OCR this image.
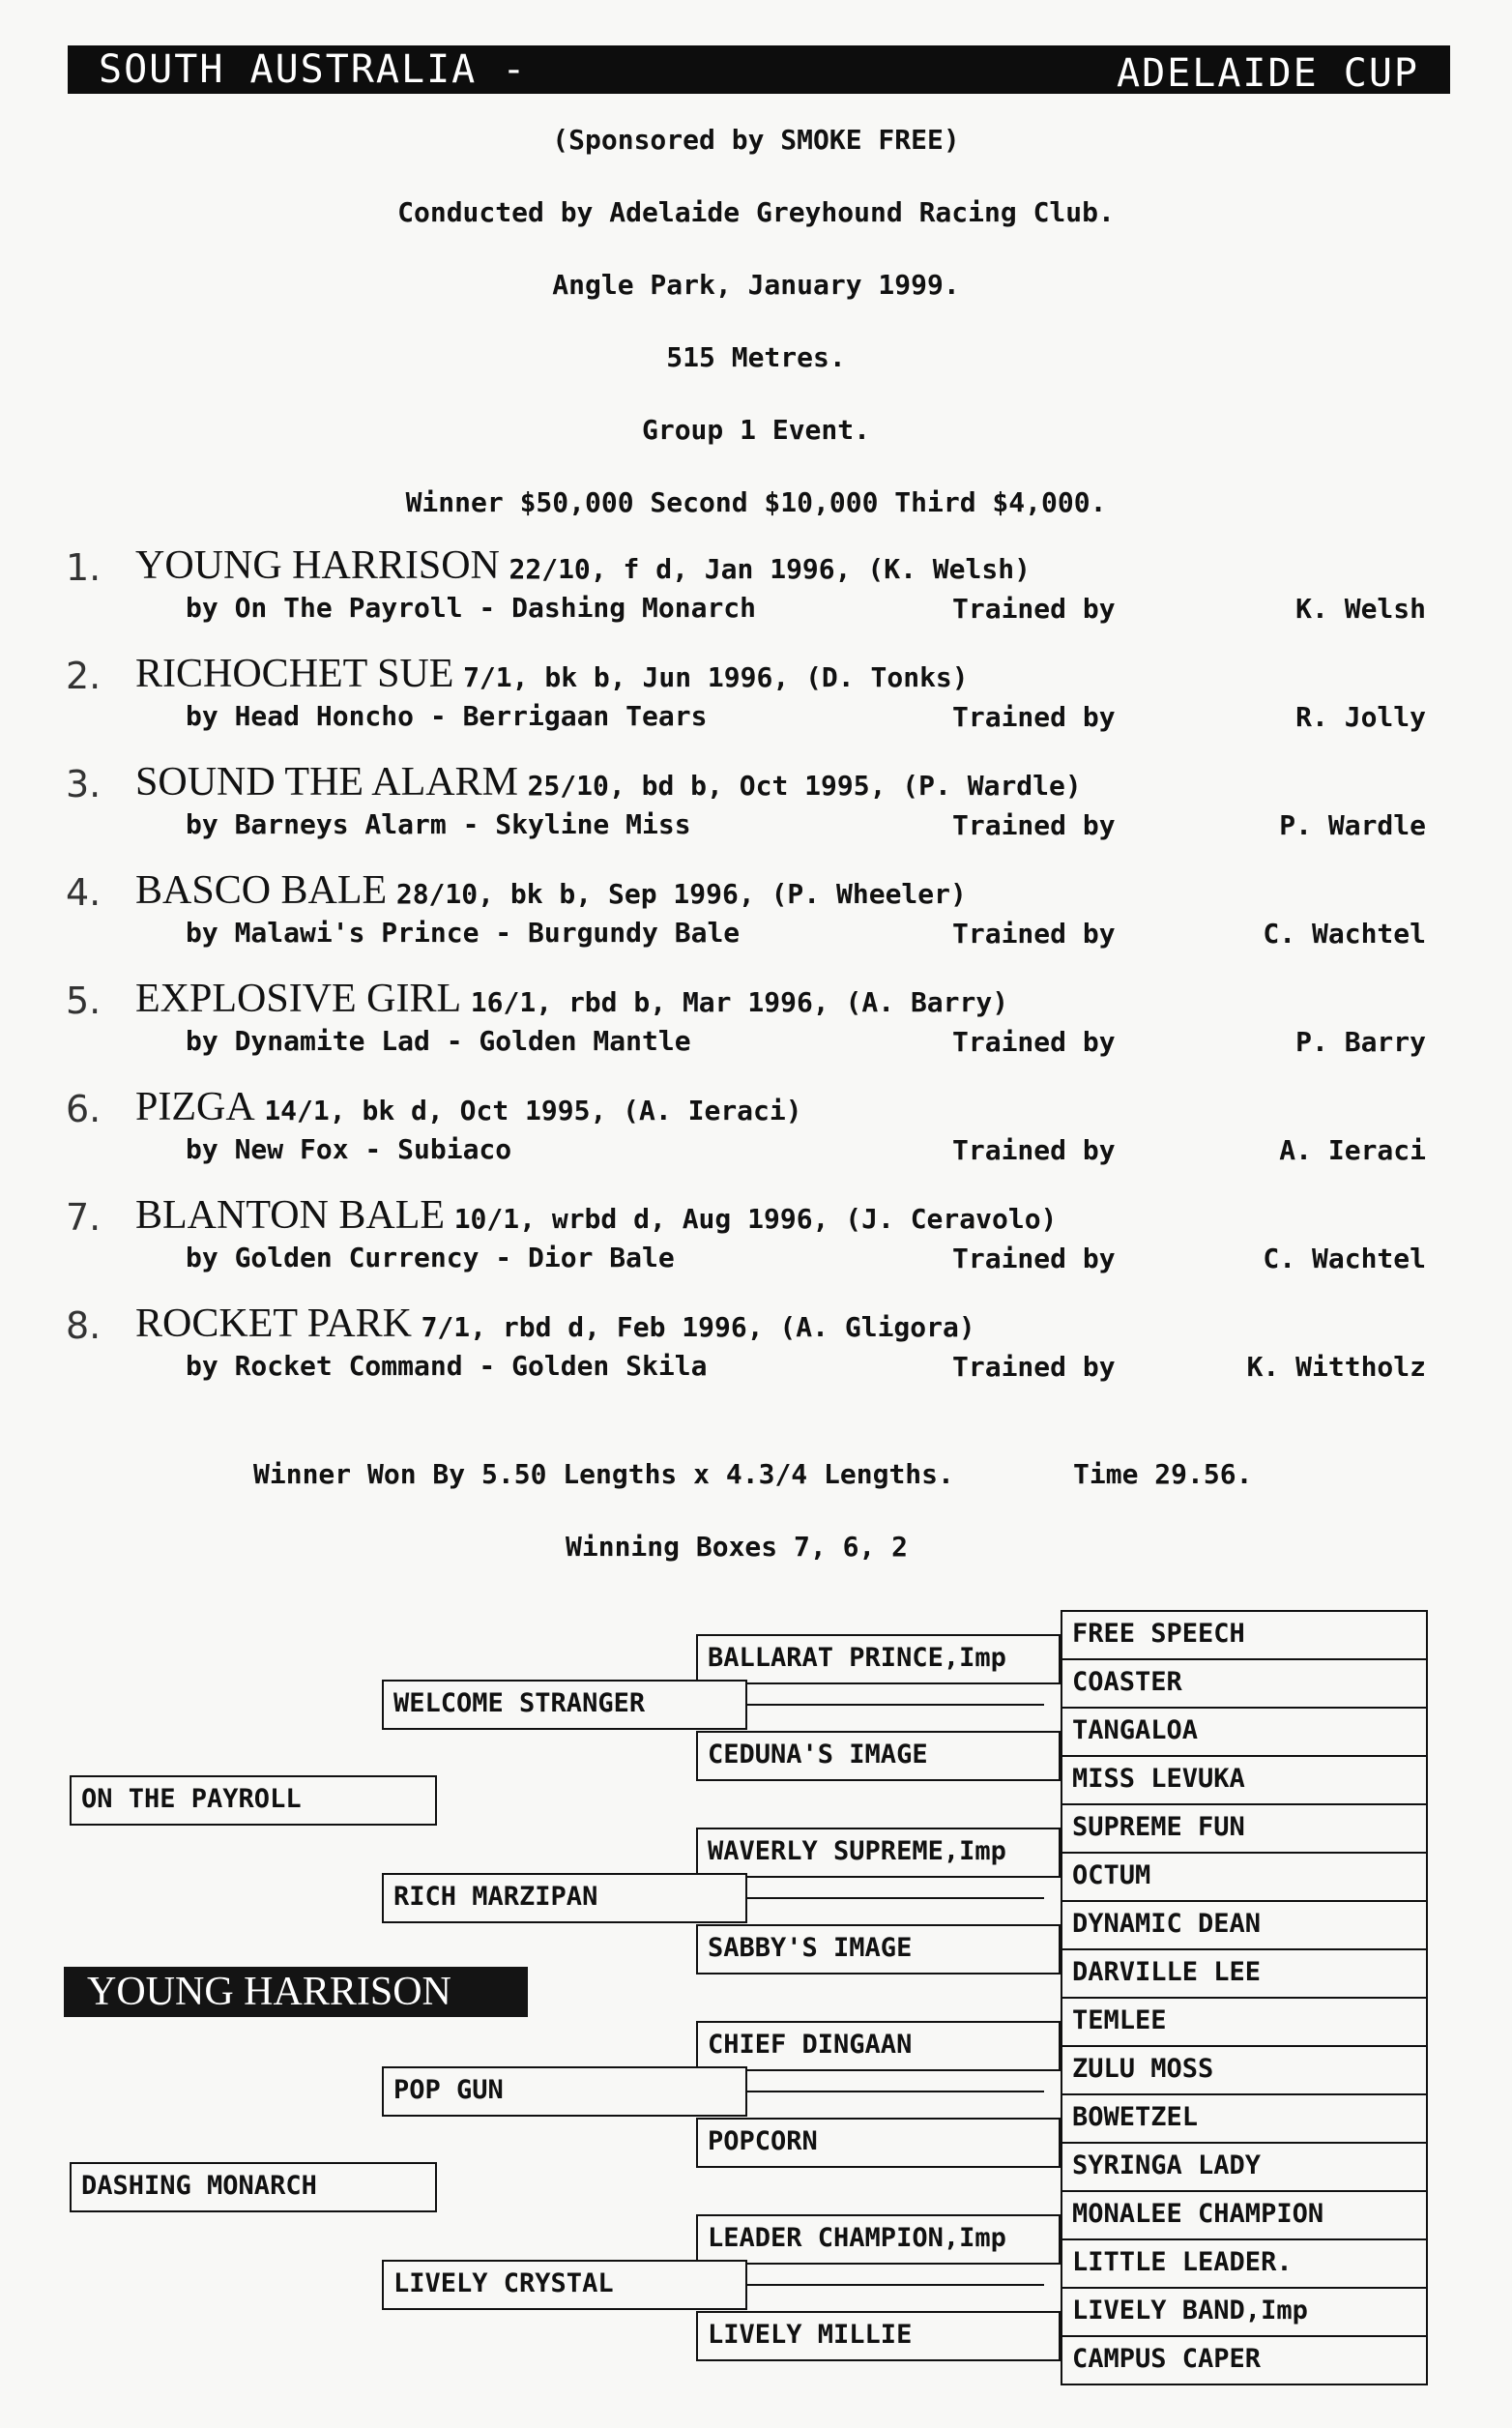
SOUTH AUSTRALIA -	ADELAIDE CUP
(Sponsored by SMOKE FREE)
Conducted by Adelaide Greyhound Racing Club.
Angle Park, January 1999.
515 Metres.
Group 1 Event.
Winner $50,000 Second $10,000 Third $4,000.
1. YOUNG HARRISON 22/10, f d, Jan 1996, (K. Welsh)
by On The Payroll - Dashing Monarch	Trained by	K. Welsh
2. RICHOCHET SUE 7/1, bk b, Jun 1996, (D. Tonks)
by Head Honcho - Berrigaan Tears	Trained by	R. Jolly
3. SOUND THE ALARM 25/10, bd b, Oct 1995, (P. Wardle)
by Barneys Alarm - Skyline Miss	Trained by	P. Wardle
4. BASCO BALE 28/10, bk b, Sep 1996, (P. Wheeler)
by Malawi's Prince - Burgundy Bale	Trained by	C. Wachtel
5. EXPLOSIVE GIRL 16/1, rbd b, Mar 1996, (A. Barry)
by Dynamite Lad - Golden Mantle	Trained by	P. Barry
6. PIZGA 14/1, bk d, Oct 1995, (A. Ieraci)
by New Fox - Subiaco	Trained by	A. Ieraci
7. BLANTON BALE 10/1, wrbd d, Aug 1996, (J. Ceravolo)
by Golden Currency - Dior Bale	Trained by	C. Wachtel
8. ROCKET PARK 7/1, rbd d, Feb 1996, (A. Gligora)
by Rocket Command - Golden Skila	Trained by	K. Wittholz
Winner Won By 5.50 Lengths x 4.3/4 Lengths.	Time 29.56.
Winning Boxes 7, 6, 2
FREE SPEECH
COASTER
TANGALOA
MISS LEVUKA
SUPREME FUN
OCTUM
DYNAMIC DEAN
DARVILLE LEE
TEMLEE
ZULU MOSS
BOWETZEL
SYRINGA LADY
MONALEE CHAMPION
LITTLE LEADER.
LIVELY BAND,Imp
CAMPUS CAPER
BALLARAT PRINCE,Imp
CEDUNA'S IMAGE
WAVERLY SUPREME,Imp
SABBY'S IMAGE
CHIEF DINGAAN
POPCORN
LEADER CHAMPION,Imp
LIVELY MILLIE
WELCOME STRANGER
RICH MARZIPAN
POP GUN
LIVELY CRYSTAL
ON THE PAYROLL
DASHING MONARCH
YOUNG HARRISON
